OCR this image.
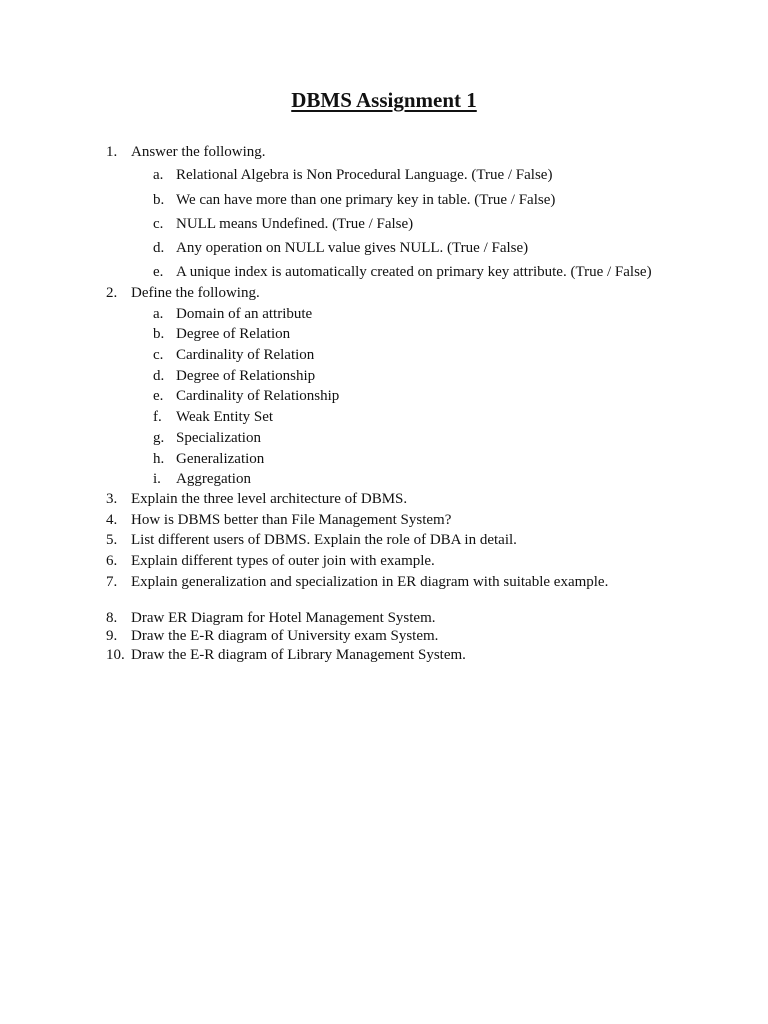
DBMS Assignment 1
1. Answer the following.
a. Relational Algebra is Non Procedural Language. (True / False)
b. We can have more than one primary key in table. (True / False)
c. NULL means Undefined. (True / False)
d. Any operation on NULL value gives NULL. (True / False)
e. A unique index is automatically created on primary key attribute. (True / False)
2. Define the following.
a. Domain of an attribute
b. Degree of Relation
c. Cardinality of Relation
d. Degree of Relationship
e. Cardinality of Relationship
f. Weak Entity Set
g. Specialization
h. Generalization
i. Aggregation
3. Explain the three level architecture of DBMS.
4. How is DBMS better than File Management System?
5. List different users of DBMS. Explain the role of DBA in detail.
6. Explain different types of outer join with example.
7. Explain generalization and specialization in ER diagram with suitable example.
8. Draw ER Diagram for Hotel Management System.
9. Draw the E-R diagram of University exam System.
10. Draw the E-R diagram of Library Management System.
